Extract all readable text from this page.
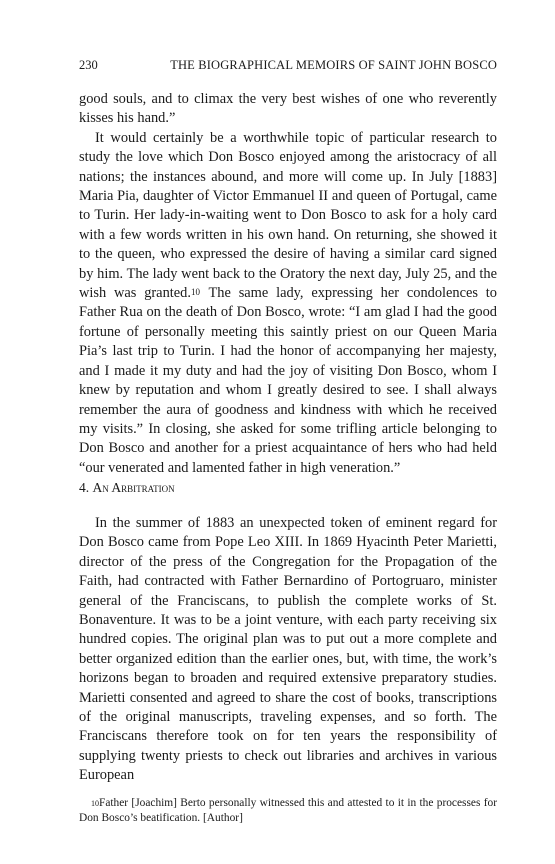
230	THE BIOGRAPHICAL MEMOIRS OF SAINT JOHN BOSCO

good souls, and to climax the very best wishes of one who reverently kisses his hand.”

It would certainly be a worthwhile topic of particular research to study the love which Don Bosco enjoyed among the aristocracy of all nations; the instances abound, and more will come up. In July [1883] Maria Pia, daughter of Victor Emmanuel II and queen of Portugal, came to Turin. Her lady-in-waiting went to Don Bosco to ask for a holy card with a few words written in his own hand. On returning, she showed it to the queen, who expressed the desire of having a similar card signed by him. The lady went back to the Oratory the next day, July 25, and the wish was granted.$^{10}$ The same lady, expressing her condolences to Father Rua on the death of Don Bosco, wrote: “I am glad I had the good fortune of personally meeting this saintly priest on our Queen Maria Pia’s last trip to Turin. I had the honor of accompanying her majesty, and I made it my duty and had the joy of visiting Don Bosco, whom I knew by reputation and whom I greatly desired to see. I shall always remember the aura of goodness and kindness with which he received my visits.” In closing, she asked for some trifling article belonging to Don Bosco and another for a priest acquaintance of hers who had held “our venerated and lamented father in high veneration.”

4. An Arbitration

In the summer of 1883 an unexpected token of eminent regard for Don Bosco came from Pope Leo XIII. In 1869 Hyacinth Peter Marietti, director of the press of the Congregation for the Propagation of the Faith, had contracted with Father Bernardino of Portogruaro, minister general of the Franciscans, to publish the complete works of St. Bonaventure. It was to be a joint venture, with each party receiving six hundred copies. The original plan was to put out a more complete and better organized edition than the earlier ones, but, with time, the work’s horizons began to broaden and required extensive preparatory studies. Marietti consented and agreed to share the cost of books, transcriptions of the original manuscripts, traveling expenses, and so forth. The Franciscans therefore took on for ten years the responsibility of supplying twenty priests to check out libraries and archives in various European

$^{10}$Father [Joachim] Berto personally witnessed this and attested to it in the processes for Don Bosco’s beatification. [Author]
